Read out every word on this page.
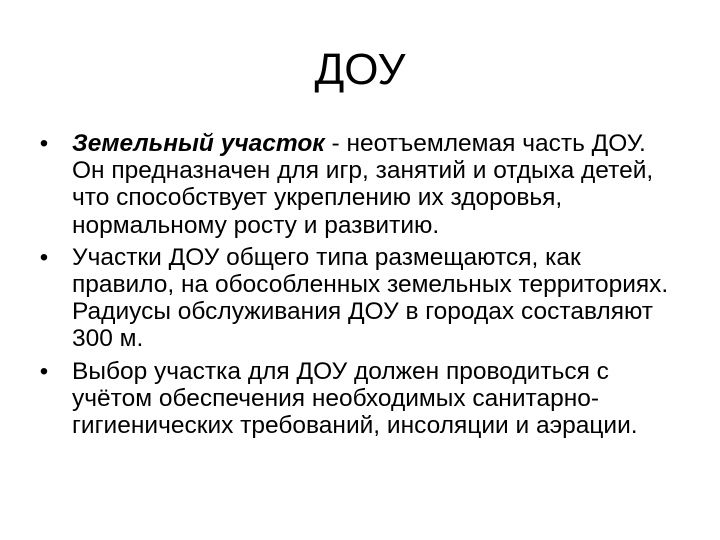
ДОУ
• Земельный участок - неотъемлемая часть ДОУ. Он предназначен для игр, занятий и отдыха детей, что способствует укреплению их здоровья, нормальному росту и развитию.
• Участки ДОУ общего типа размещаются, как правило, на обособленных земельных территориях. Радиусы обслуживания ДОУ в городах составляют 300 м.
• Выбор участка для ДОУ должен проводиться с учётом обеспечения необходимых санитарно-гигиенических требований, инсоляции и аэрации.
